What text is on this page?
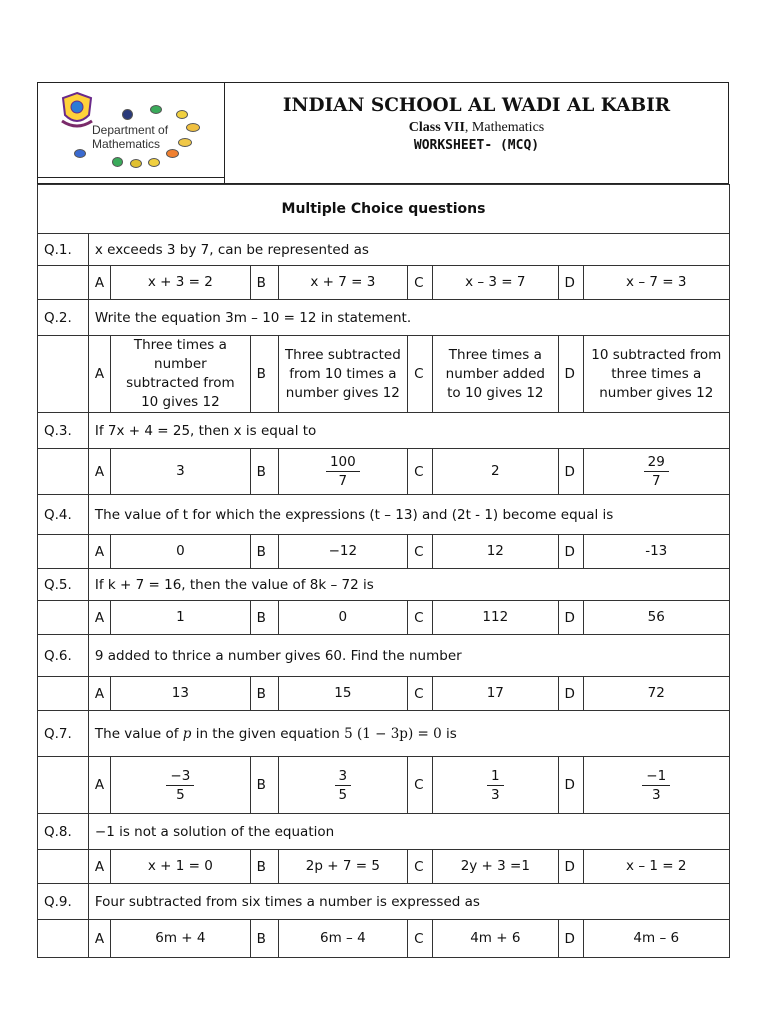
Department of
Mathematics
INDIAN SCHOOL AL WADI AL KABIR
Class VII, Mathematics
WORKSHEET- (MCQ)
Multiple Choice questions								
Q.1.	x exceeds 3 by 7, can be represented as							
	A	x + 3 = 2	B	x + 7 = 3	C	x – 3 = 7	D	x – 7 = 3
Q.2.	Write the equation 3m – 10 = 12 in statement.							
	A	Three times a number subtracted from 10 gives 12	B	Three subtracted from 10 times a number gives 12	C	Three times a number added to 10 gives 12	D	10 subtracted from three times a number gives 12
Q.3.	If 7x + 4 = 25, then x is equal to							
	A	3	B	$\frac{100}{7}$	C	2	D	$\frac{29}{7}$

Q.4.	The value of t for which the expressions (t – 13) and (2t - 1) become equal is							
	A	0	B	−12	C	12	D	-13
Q.5.	If k + 7 = 16, then the value of 8k – 72 is							
	A	1	B	0	C	112	D	56
Q.6.	9 added to thrice a number gives 60. Find the number							
	A	13	B	15	C	17	D	72
Q.7.	The value of p in the given equation 5 (1 − 3p) = 0 is							
	A	$\frac{-3}{5}$	B	$\frac{3}{5}$	C	$\frac{1}{3}$	D	$\frac{-1}{3}$

Q.8.	−1 is not a solution of the equation							
	A	x + 1 = 0	B	2p + 7 = 5	C	2y + 3 =1	D	x – 1 = 2
Q.9.	Four subtracted from six times a number is expressed as							
	A	6m + 4	B	6m – 4	C	4m + 6	D	4m – 6
